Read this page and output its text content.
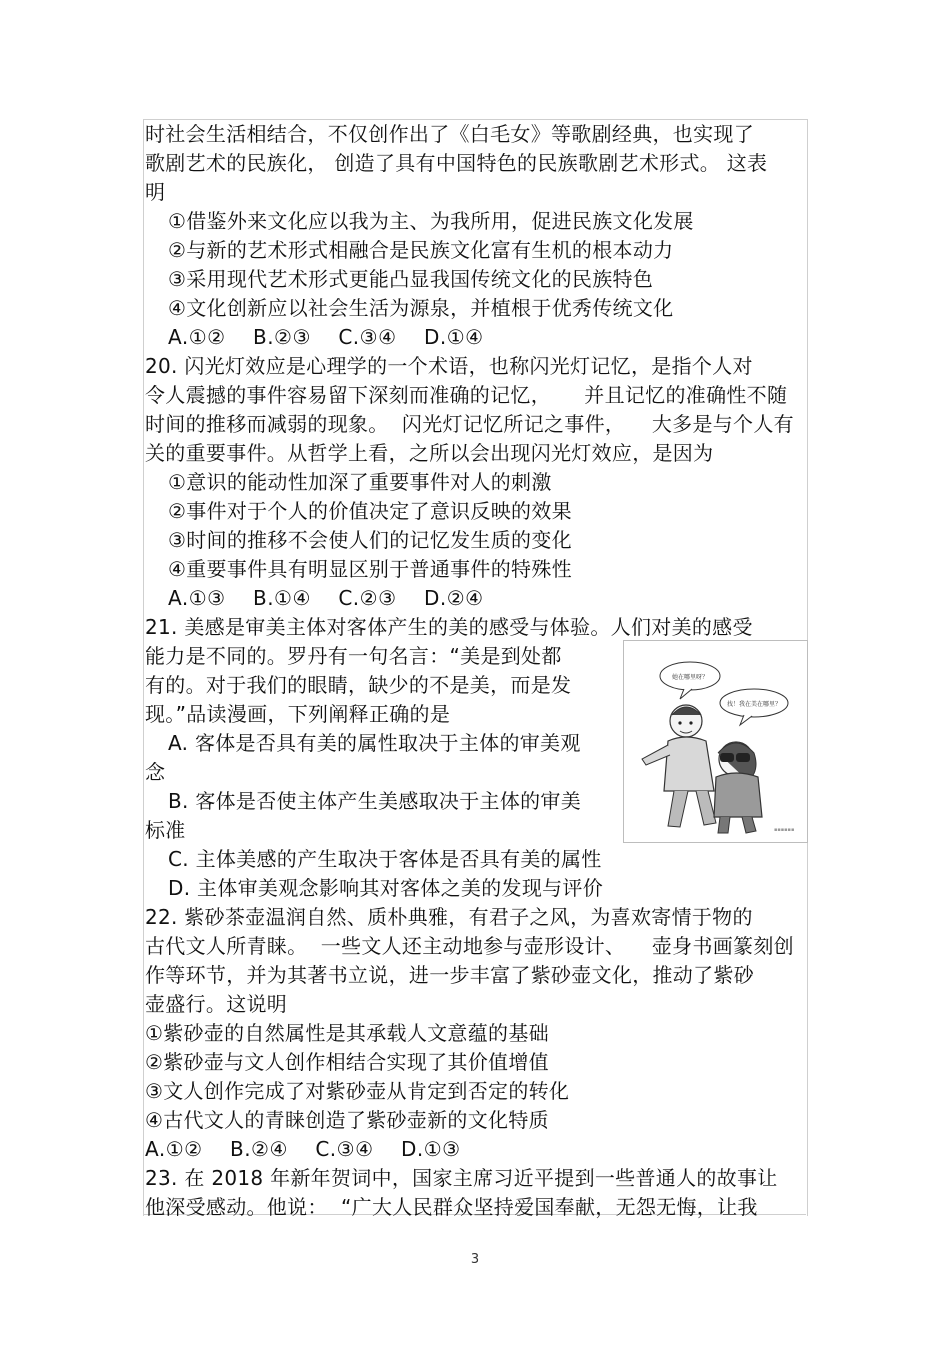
时社会生活相结合，不仅创作出了《白毛女》等歌剧经典，也实现了
歌剧艺术的民族化， 创造了具有中国特色的民族歌剧艺术形式。 这表
明
①借鉴外来文化应以我为主、为我所用，促进民族文化发展
②与新的艺术形式相融合是民族文化富有生机的根本动力
③采用现代艺术形式更能凸显我国传统文化的民族特色
④文化创新应以社会生活为源泉，并植根于优秀传统文化
A.①②    B.②③    C.③④    D.①④
20. 闪光灯效应是心理学的一个术语，也称闪光灯记忆，是指个人对
令人震撼的事件容易留下深刻而准确的记忆，     并且记忆的准确性不随
时间的推移而减弱的现象。  闪光灯记忆所记之事件，    大多是与个人有
关的重要事件。从哲学上看，之所以会出现闪光灯效应，是因为
①意识的能动性加深了重要事件对人的刺激
②事件对于个人的价值决定了意识反映的效果
③时间的推移不会使人们的记忆发生质的变化
④重要事件具有明显区别于普通事件的特殊性
A.①③    B.①④    C.②③    D.②④
21. 美感是审美主体对客体产生的美的感受与体验。人们对美的感受
能力是不同的。罗丹有一句名言：“美是到处都
有的。对于我们的眼睛，缺少的不是美，而是发
现。”品读漫画，下列阐释正确的是
A. 客体是否具有美的属性取决于主体的审美观
念
B. 客体是否使主体产生美感取决于主体的审美
标准
C. 主体美感的产生取决于客体是否具有美的属性
D. 主体审美观念影响其对客体之美的发现与评价
她在哪里呀？
找！我在美在哪里？
▪▪▪▪▪▪
22. 紫砂茶壶温润自然、质朴典雅，有君子之风，为喜欢寄情于物的
古代文人所青睐。  一些文人还主动地参与壶形设计、    壶身书画篆刻创
作等环节，并为其著书立说，进一步丰富了紫砂壶文化，推动了紫砂
壶盛行。这说明
①紫砂壶的自然属性是其承载人文意蕴的基础
②紫砂壶与文人创作相结合实现了其价值增值
③文人创作完成了对紫砂壶从肯定到否定的转化
④古代文人的青睐创造了紫砂壶新的文化特质
A.①②    B.②④    C.③④    D.①③
23. 在 2018 年新年贺词中，国家主席习近平提到一些普通人的故事让
他深受感动。他说：  “广大人民群众坚持爱国奉献，无怨无悔，让我
3
